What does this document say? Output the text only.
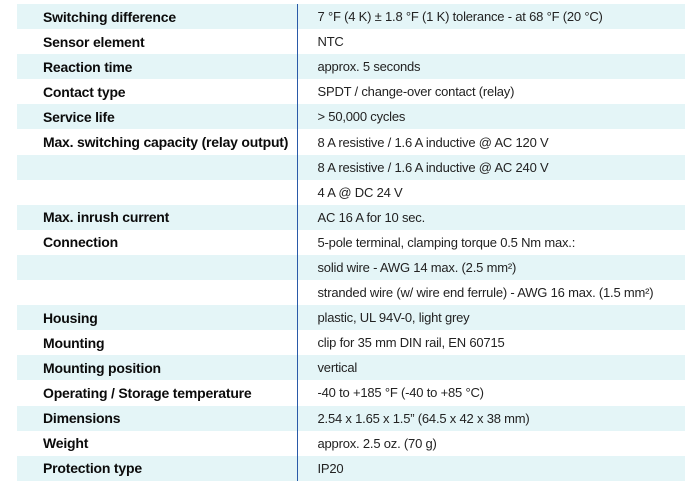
Switching difference	7 °F (4 K) ± 1.8 °F (1 K) tolerance - at 68 °F (20 °C)
Sensor element	NTC
Reaction time	approx. 5 seconds
Contact type	SPDT / change-over contact (relay)
Service life	> 50,000 cycles
Max. switching capacity (relay output)	8 A resistive / 1.6 A inductive @ AC 120 V
	8 A resistive / 1.6 A inductive @ AC 240 V
	4 A @ DC 24 V
Max. inrush current	AC 16 A for 10 sec.
Connection	5-pole terminal, clamping torque 0.5 Nm max.:
	solid wire - AWG 14 max. (2.5 mm²)
	stranded wire (w/ wire end ferrule) - AWG 16 max. (1.5 mm²)
Housing	plastic, UL 94V-0, light grey
Mounting	clip for 35 mm DIN rail, EN 60715
Mounting position	vertical
Operating / Storage temperature	-40 to +185 °F (-40 to +85 °C)
Dimensions	2.54 x 1.65 x 1.5” (64.5 x 42 x 38 mm)
Weight	approx. 2.5 oz. (70 g)
Protection type	IP20
